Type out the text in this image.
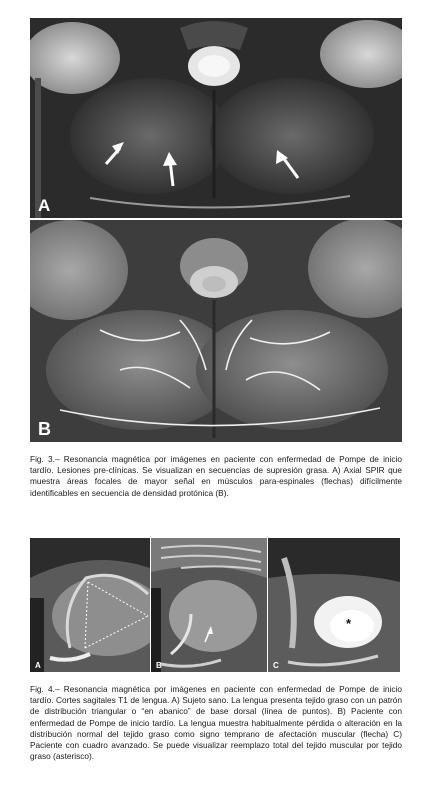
A
B
Fig. 3.– Resonancia magnética por imágenes en paciente con enfermedad de Pompe de inicio tardío. Lesiones pre-clínicas. Se visualizan en secuencias de supresión grasa. A) Axial SPIR que muestra áreas focales de mayor señal en músculos para-espinales (flechas) difícilmente identificables en secuencia de densidad protónica (B).
A	B
*
C
Fig. 4.– Resonancia magnética por imágenes en paciente con enfermedad de Pompe de inicio tardío. Cortes sagitales T1 de lengua. A) Sujeto sano. La lengua presenta tejido graso con un patrón de distribución triangular o “en abanico” de base dorsal (línea de puntos). B) Paciente con enfermedad de Pompe de inicio tardío. La lengua muestra habitualmente pérdida o alteración en la distribución normal del tejido graso como signo temprano de afectación muscular (flecha) C) Paciente con cuadro avanzado. Se puede visualizar reemplazo total del tejido muscular por tejido graso (asterisco).
